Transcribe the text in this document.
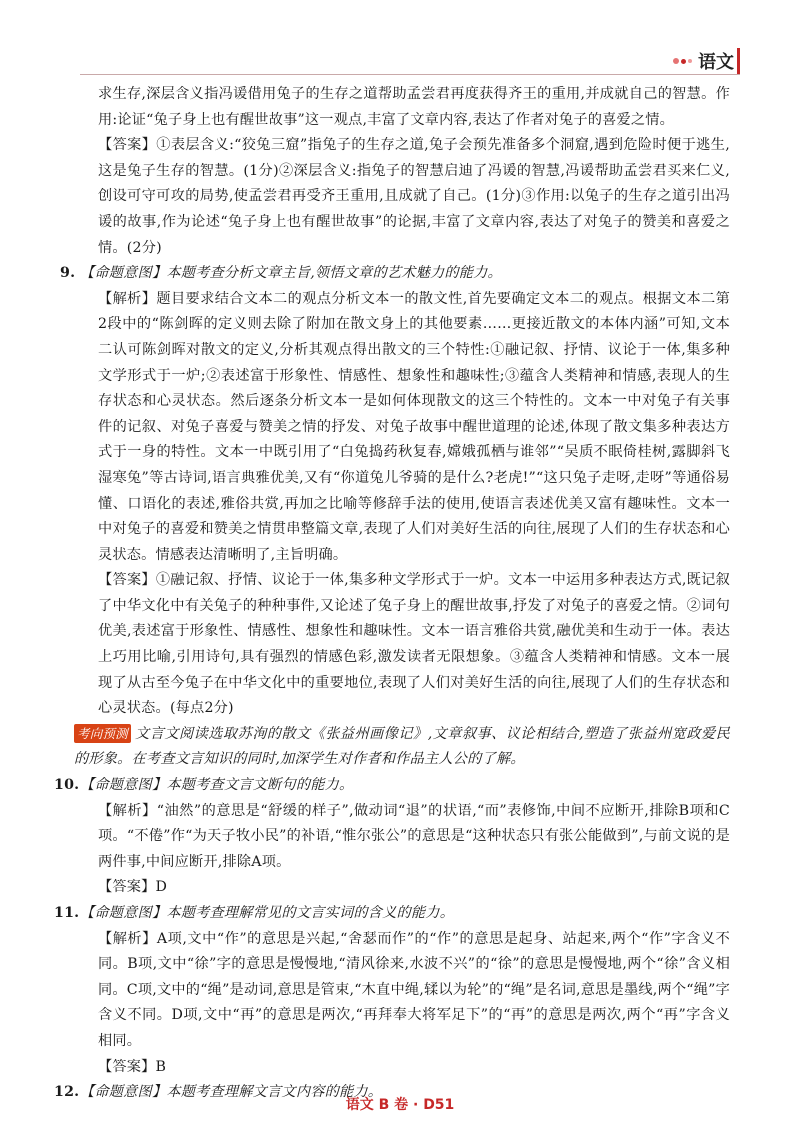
语文

求生存,深层含义指冯谖借用兔子的生存之道帮助孟尝君再度获得齐王的重用,并成就自己的智慧。作用:论证“兔子身上也有醒世故事”这一观点,丰富了文章内容,表达了作者对兔子的喜爱之情。

【答案】①表层含义:“狡兔三窟”指兔子的生存之道,兔子会预先准备多个洞窟,遇到危险时便于逃生,这是兔子生存的智慧。(1分)②深层含义:指兔子的智慧启迪了冯谖的智慧,冯谖帮助孟尝君买来仁义,创设可守可攻的局势,使孟尝君再受齐王重用,且成就了自己。(1分)③作用:以兔子的生存之道引出冯谖的故事,作为论述“兔子身上也有醒世故事”的论据,丰富了文章内容,表达了对兔子的赞美和喜爱之情。(2分)

9. 【命题意图】本题考查分析文章主旨,领悟文章的艺术魅力的能力。

【解析】题目要求结合文本二的观点分析文本一的散文性,首先要确定文本二的观点。根据文本二第2段中的“陈剑晖的定义则去除了附加在散文身上的其他要素……更接近散文的本体内涵”可知,文本二认可陈剑晖对散文的定义,分析其观点得出散文的三个特性:①融记叙、抒情、议论于一体,集多种文学形式于一炉;②表述富于形象性、情感性、想象性和趣味性;③蕴含人类精神和情感,表现人的生存状态和心灵状态。然后逐条分析文本一是如何体现散文的这三个特性的。文本一中对兔子有关事件的记叙、对兔子喜爱与赞美之情的抒发、对兔子故事中醒世道理的论述,体现了散文集多种表达方式于一身的特性。文本一中既引用了“白兔捣药秋复春,嫦娥孤栖与谁邻”“吴质不眠倚桂树,露脚斜飞湿寒兔”等古诗词,语言典雅优美,又有“你道兔儿爷骑的是什么?老虎!”“这只兔子走呀,走呀”等通俗易懂、口语化的表述,雅俗共赏,再加之比喻等修辞手法的使用,使语言表述优美又富有趣味性。文本一中对兔子的喜爱和赞美之情贯串整篇文章,表现了人们对美好生活的向往,展现了人们的生存状态和心灵状态。情感表达清晰明了,主旨明确。

【答案】①融记叙、抒情、议论于一体,集多种文学形式于一炉。文本一中运用多种表达方式,既记叙了中华文化中有关兔子的种种事件,又论述了兔子身上的醒世故事,抒发了对兔子的喜爱之情。②词句优美,表述富于形象性、情感性、想象性和趣味性。文本一语言雅俗共赏,融优美和生动于一体。表达上巧用比喻,引用诗句,具有强烈的情感色彩,激发读者无限想象。③蕴含人类精神和情感。文本一展现了从古至今兔子在中华文化中的重要地位,表现了人们对美好生活的向往,展现了人们的生存状态和心灵状态。(每点2分)

考向预测 文言文阅读选取苏洵的散文《张益州画像记》,文章叙事、议论相结合,塑造了张益州宽政爱民的形象。在考查文言知识的同时,加深学生对作者和作品主人公的了解。

10.【命题意图】本题考查文言文断句的能力。

【解析】“油然”的意思是“舒缓的样子”,做动词“退”的状语,“而”表修饰,中间不应断开,排除B项和C项。“不倦”作“为天子牧小民”的补语,“惟尔张公”的意思是“这种状态只有张公能做到”,与前文说的是两件事,中间应断开,排除A项。

【答案】D

11.【命题意图】本题考查理解常见的文言实词的含义的能力。

【解析】A项,文中“作”的意思是兴起,“舍瑟而作”的“作”的意思是起身、站起来,两个“作”字含义不同。B项,文中“徐”字的意思是慢慢地,“清风徐来,水波不兴”的“徐”的意思是慢慢地,两个“徐”含义相同。C项,文中的“绳”是动词,意思是管束,“木直中绳,𫐓以为轮”的“绳”是名词,意思是墨线,两个“绳”字含义不同。D项,文中“再”的意思是两次,“再拜奉大将军足下”的“再”的意思是两次,两个“再”字含义相同。

【答案】B

12.【命题意图】本题考查理解文言文内容的能力。

语文 B 卷 · D51
